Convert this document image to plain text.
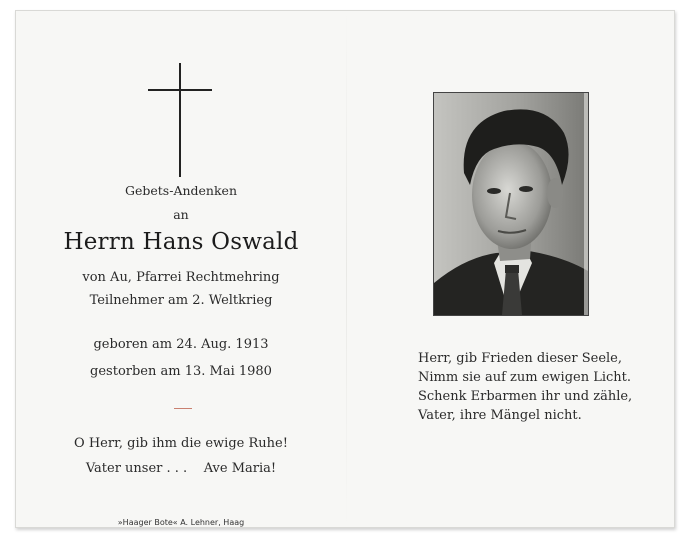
Gebets-Andenken
an
Herrn Hans Oswald
von Au, Pfarrei Rechtmehring
Teilnehmer am 2. Weltkrieg
geboren am 24. Aug. 1913
gestorben am 13. Mai 1980
O Herr, gib ihm die ewige Ruhe!
Vater unser . . .    Ave Maria!
»Haager Bote« A. Lehner, Haag
Herr, gib Frieden dieser Seele,
Nimm sie auf zum ewigen Licht.
Schenk Erbarmen ihr und zähle,
Vater, ihre Mängel nicht.
